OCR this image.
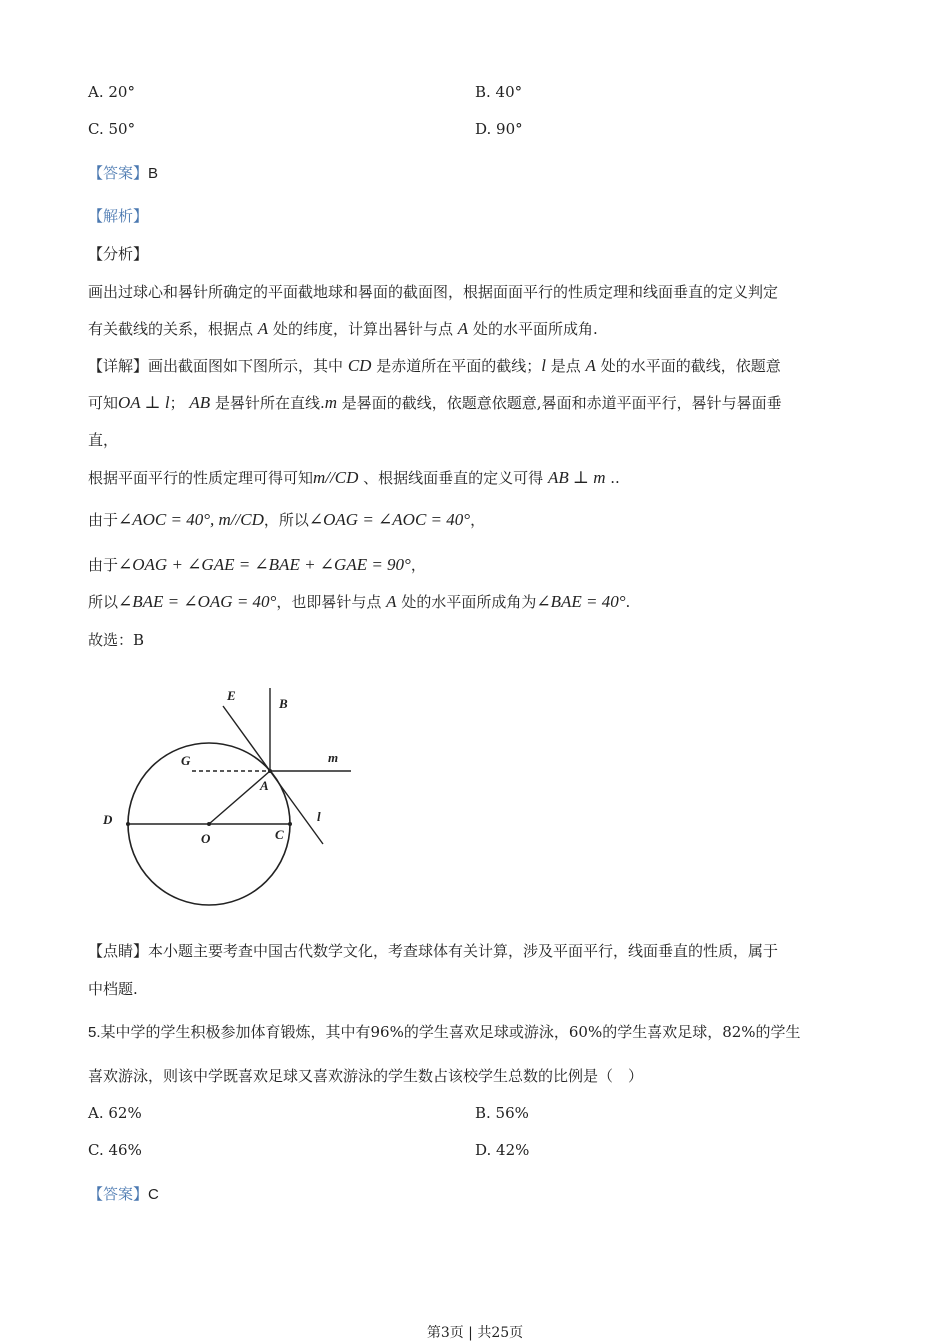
A. 20°	B. 40°
C. 50°	D. 90°
【答案】B
【解析】
【分析】
画出过球心和晷针所确定的平面截地球和晷面的截面图，根据面面平行的性质定理和线面垂直的定义判定
有关截线的关系，根据点 A 处的纬度，计算出晷针与点 A 处的水平面所成角.
【详解】画出截面图如下图所示，其中 CD 是赤道所在平面的截线；l 是点 A 处的水平面的截线，依题意
可知OA ⊥ l； AB 是晷针所在直线.m 是晷面的截线，依题意依题意,晷面和赤道平面平行，晷针与晷面垂
直，
根据平面平行的性质定理可得可知m//CD 、根据线面垂直的定义可得 AB ⊥ m ..
由于∠AOC = 40°, m//CD，所以∠OAG = ∠AOC = 40°，
由于∠OAG + ∠GAE = ∠BAE + ∠GAE = 90°，
所以∠BAE = ∠OAG = 40°，也即晷针与点 A 处的水平面所成角为∠BAE = 40°.
故选：B
E
B
m
G
A
l
D
O	C
【点睛】本小题主要考查中国古代数学文化，考查球体有关计算，涉及平面平行，线面垂直的性质，属于
中档题.
5.某中学的学生积极参加体育锻炼，其中有96%的学生喜欢足球或游泳，60%的学生喜欢足球，82%的学生
喜欢游泳，则该中学既喜欢足球又喜欢游泳的学生数占该校学生总数的比例是（　）
A. 62%	B. 56%
C. 46%	D. 42%
【答案】C
第3页 | 共25页
